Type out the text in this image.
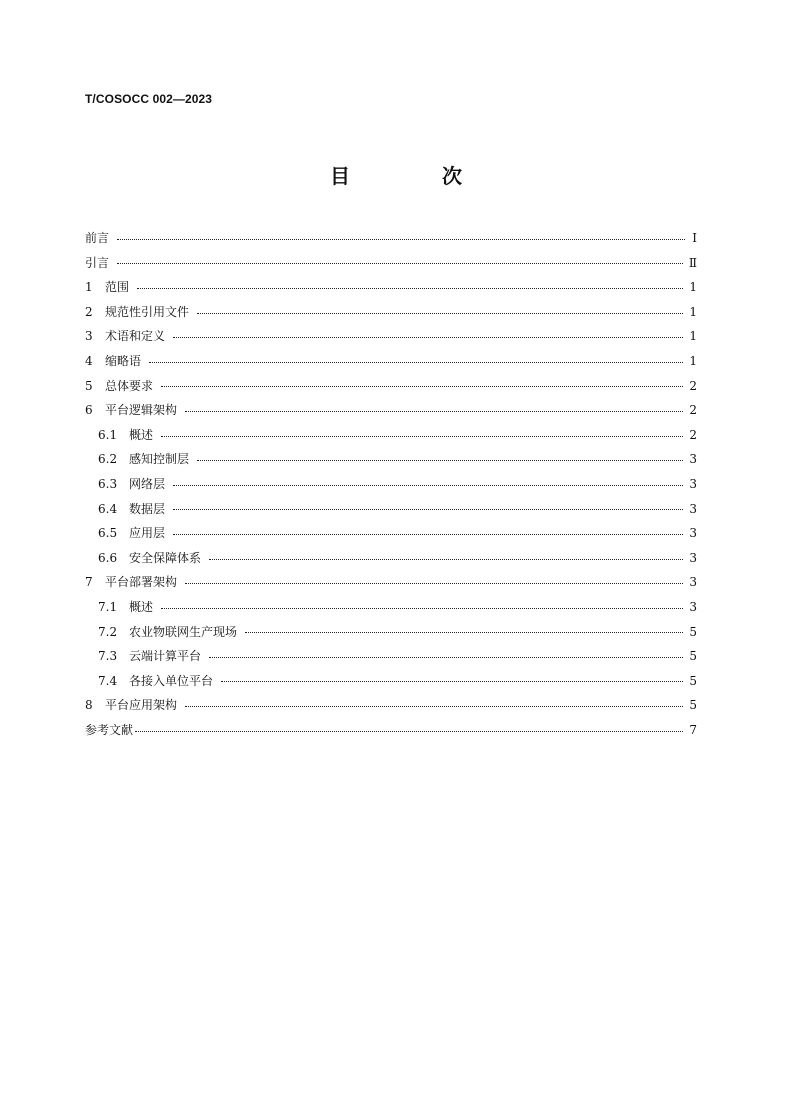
T/COSOCC 002—2023
目　次
前言	Ⅰ
引言	Ⅱ
1	范围	1
2	规范性引用文件	1
3	术语和定义	1
4	缩略语	1
5	总体要求	2
6	平台逻辑架构	2
6.1 概述	2
6.2 感知控制层	3
6.3 网络层	3
6.4 数据层	3
6.5 应用层	3
6.6 安全保障体系	3
7	平台部署架构	3
7.1 概述	3
7.2 农业物联网生产现场	5
7.3 云端计算平台	5
7.4 各接入单位平台	5
8	平台应用架构	5
参考文献	7
